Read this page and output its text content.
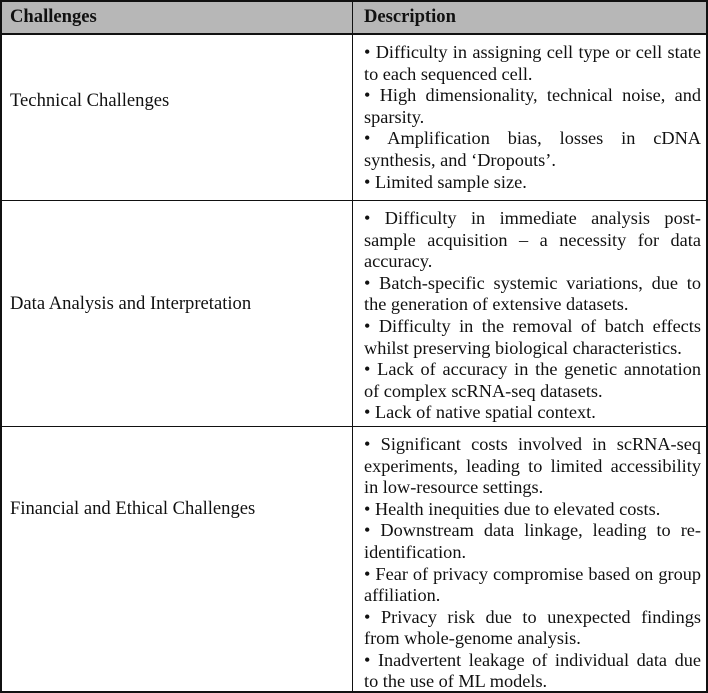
Challenges	Description
Technical Challenges

• Difficulty in assigning cell type or cell state to each sequenced cell.

• High dimensionality, technical noise, and sparsity.

• Amplification bias, losses in cDNA synthesis, and ‘Dropouts’.

• Limited sample size.

Data Analysis and Interpretation

• Difficulty in immediate analysis post-sample acquisition – a necessity for data accuracy.

• Batch-specific systemic variations, due to the generation of extensive datasets.

• Difficulty in the removal of batch effects whilst preserving biological characteristics.

• Lack of accuracy in the genetic annotation of complex scRNA-seq datasets.

• Lack of native spatial context.

Financial and Ethical Challenges

• Significant costs involved in scRNA-seq experiments, leading to limited accessibility in low-resource settings.

• Health inequities due to elevated costs.

• Downstream data linkage, leading to re-identification.

• Fear of privacy compromise based on group affiliation.

• Privacy risk due to unexpected findings from whole-genome analysis.

• Inadvertent leakage of individual data due to the use of ML models.
